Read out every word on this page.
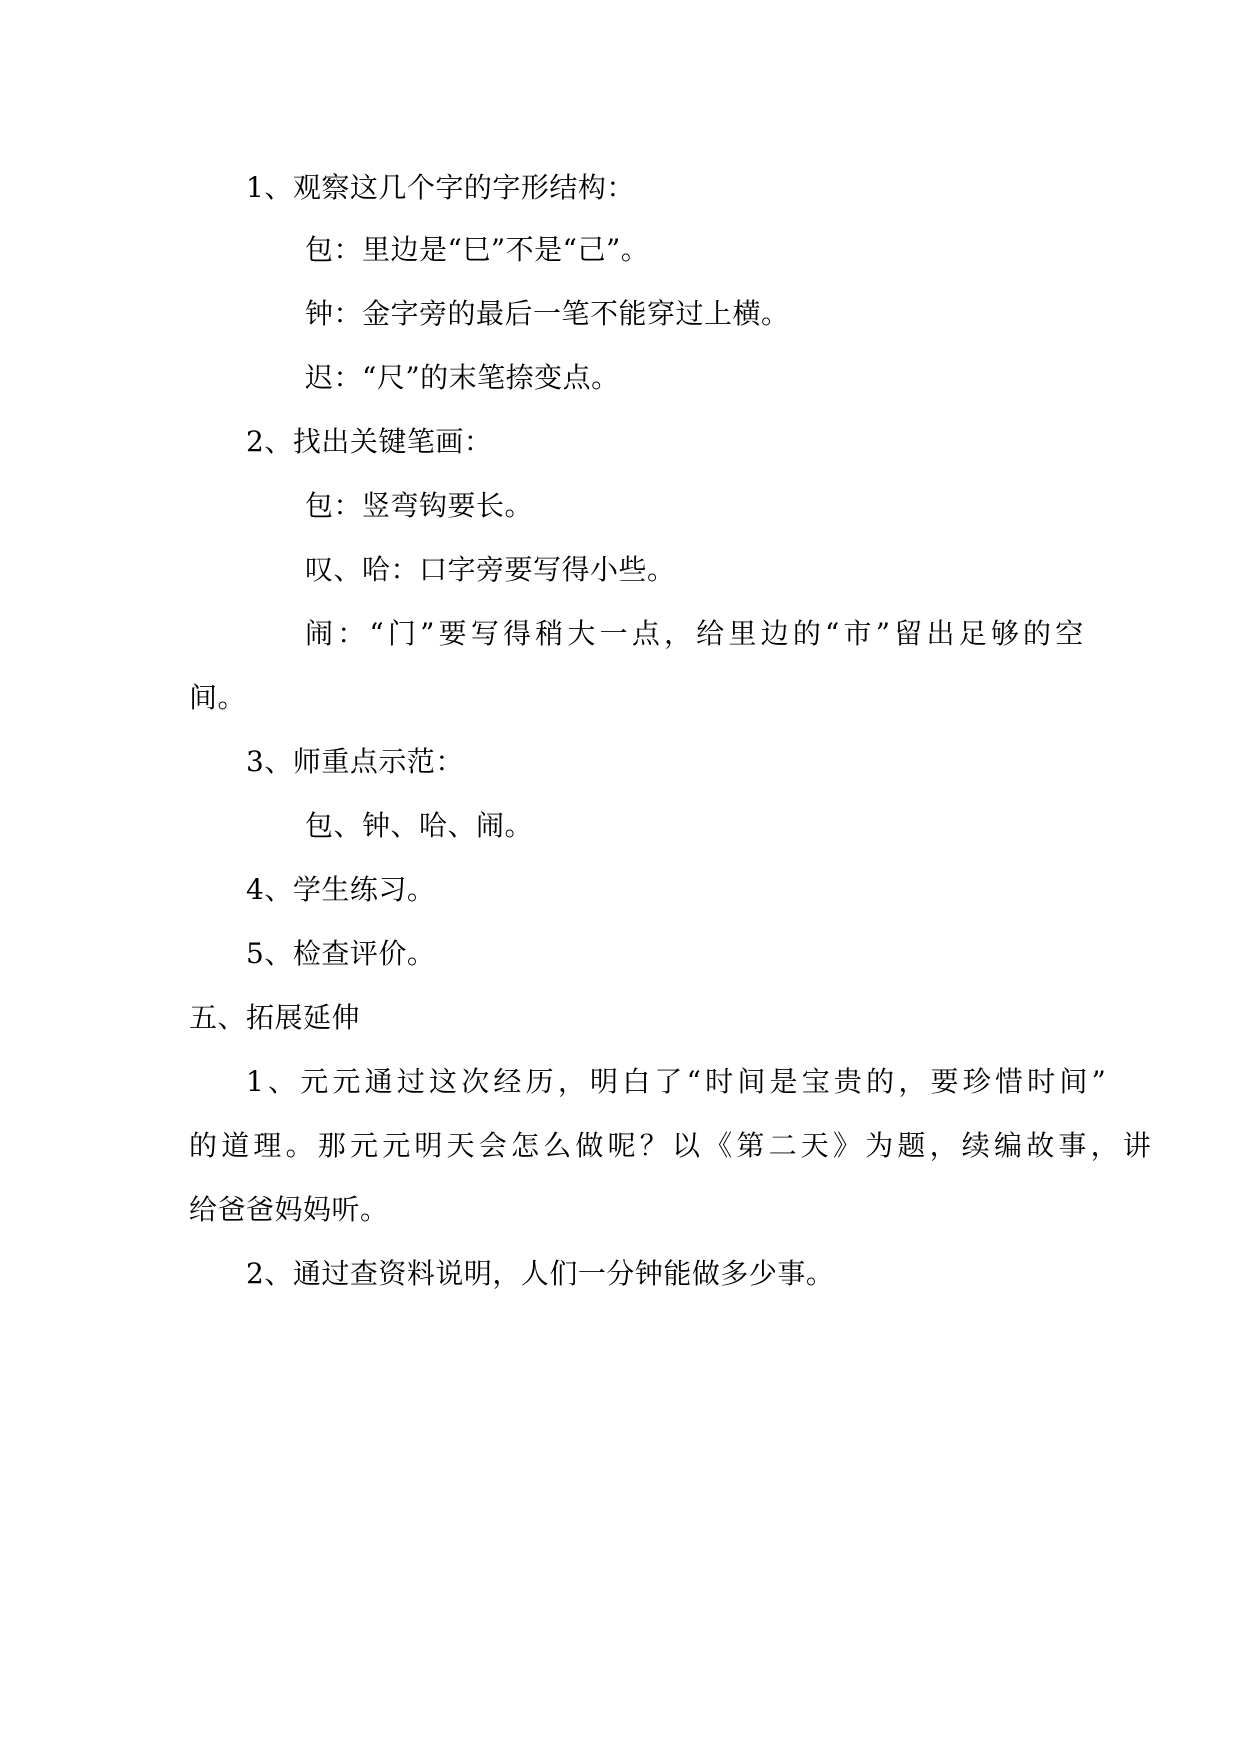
1、观察这几个字的字形结构：
包：里边是“巳”不是“己”。
钟：金字旁的最后一笔不能穿过上横。
迟：“尺”的末笔捺变点。
2、找出关键笔画：
包：竖弯钩要长。
叹、哈：口字旁要写得小些。
闹：“门”要写得稍大一点，给里边的“市”留出足够的空
间。
3、师重点示范：
包、钟、哈、闹。
4、学生练习。
5、检查评价。
五、拓展延伸
1、元元通过这次经历，明白了“时间是宝贵的，要珍惜时间”
的道理。那元元明天会怎么做呢？以《第二天》为题，续编故事，讲
给爸爸妈妈听。
2、通过查资料说明，人们一分钟能做多少事。
